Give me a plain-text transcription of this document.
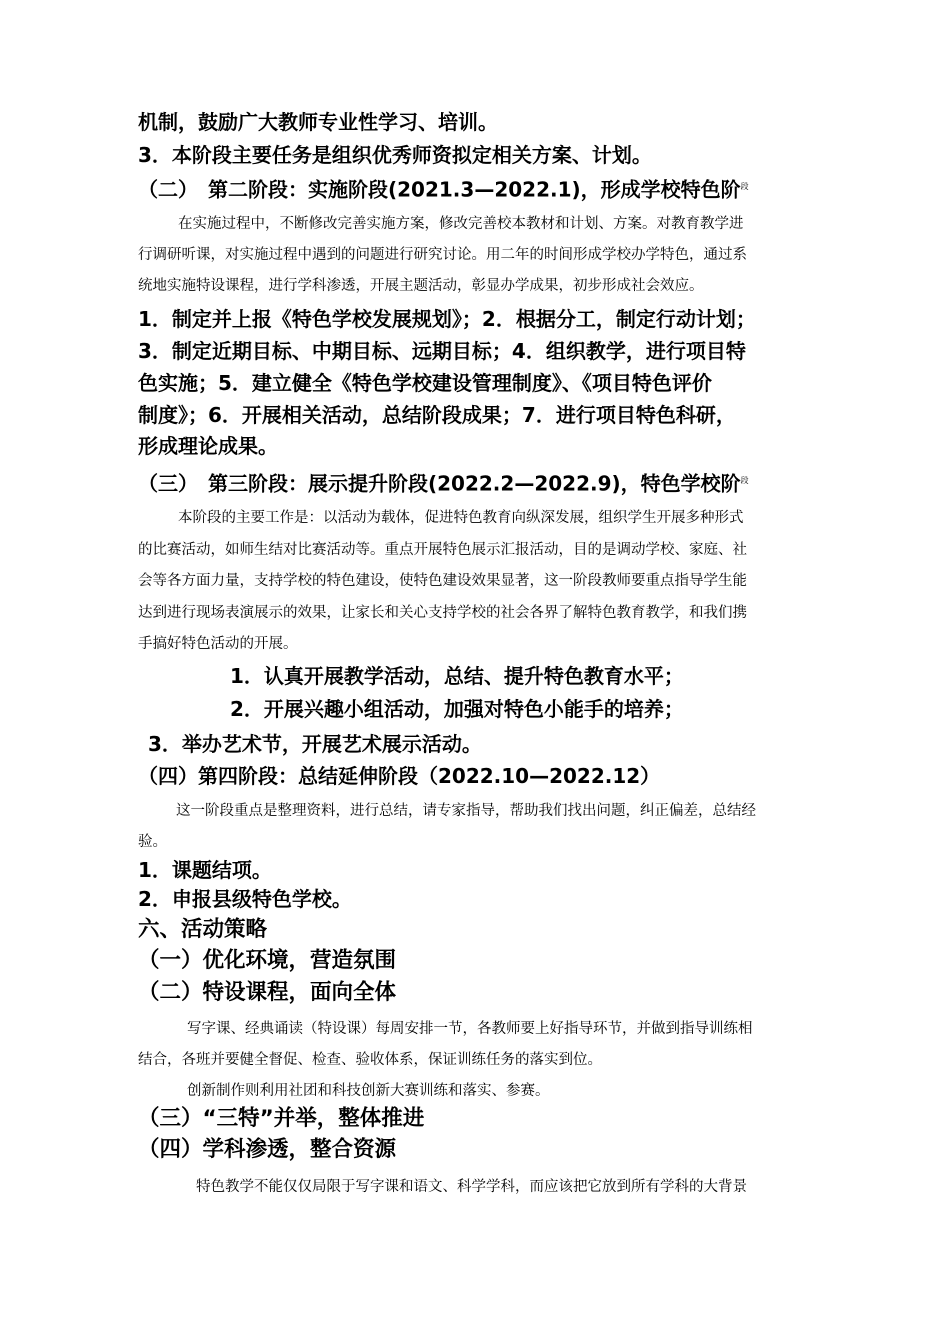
机制，鼓励广大教师专业性学习、培训。

3．本阶段主要任务是组织优秀师资拟定相关方案、计划。

（二）　第二阶段：实施阶段(2021.3—2022.1)，形成学校特色阶$^段$

在实施过程中，不断修改完善实施方案，修改完善校本教材和计划、方案。对教育教学进

行调研听课，对实施过程中遇到的问题进行研究讨论。用二年的时间形成学校办学特色，通过系

统地实施特设课程，进行学科渗透，开展主题活动，彰显办学成果，初步形成社会效应。

1．制定并上报《特色学校发展规划》；2．根据分工，制定行动计划；

3．制定近期目标、中期目标、远期目标；4．组织教学，进行项目特

色实施；5．建立健全《特色学校建设管理制度》、《项目特色评价

制度》；6．开展相关活动，总结阶段成果；7．进行项目特色科研，

形成理论成果。

（三）　第三阶段：展示提升阶段(2022.2—2022.9)，特色学校阶$^段$

本阶段的主要工作是：以活动为载体，促进特色教育向纵深发展，组织学生开展多种形式

的比赛活动，如师生结对比赛活动等。重点开展特色展示汇报活动，目的是调动学校、家庭、社

会等各方面力量，支持学校的特色建设，使特色建设效果显著，这一阶段教师要重点指导学生能

达到进行现场表演展示的效果，让家长和关心支持学校的社会各界了解特色教育教学，和我们携

手搞好特色活动的开展。

1．认真开展教学活动，总结、提升特色教育水平；

2．开展兴趣小组活动，加强对特色小能手的培养；

3．举办艺术节，开展艺术展示活动。

（四）第四阶段：总结延伸阶段（2022.10—2022.12）

这一阶段重点是整理资料，进行总结，请专家指导，帮助我们找出问题，纠正偏差，总结经

验。

1．课题结项。

2．申报县级特色学校。

六、活动策略

（一）优化环境，营造氛围

（二）特设课程，面向全体

写字课、经典诵读（特设课）每周安排一节，各教师要上好指导环节，并做到指导训练相

结合，各班并要健全督促、检查、验收体系，保证训练任务的落实到位。

创新制作则利用社团和科技创新大赛训练和落实、参赛。

（三）“三特”并举，整体推进

（四）学科渗透，整合资源

特色教学不能仅仅局限于写字课和语文、科学学科，而应该把它放到所有学科的大背景
